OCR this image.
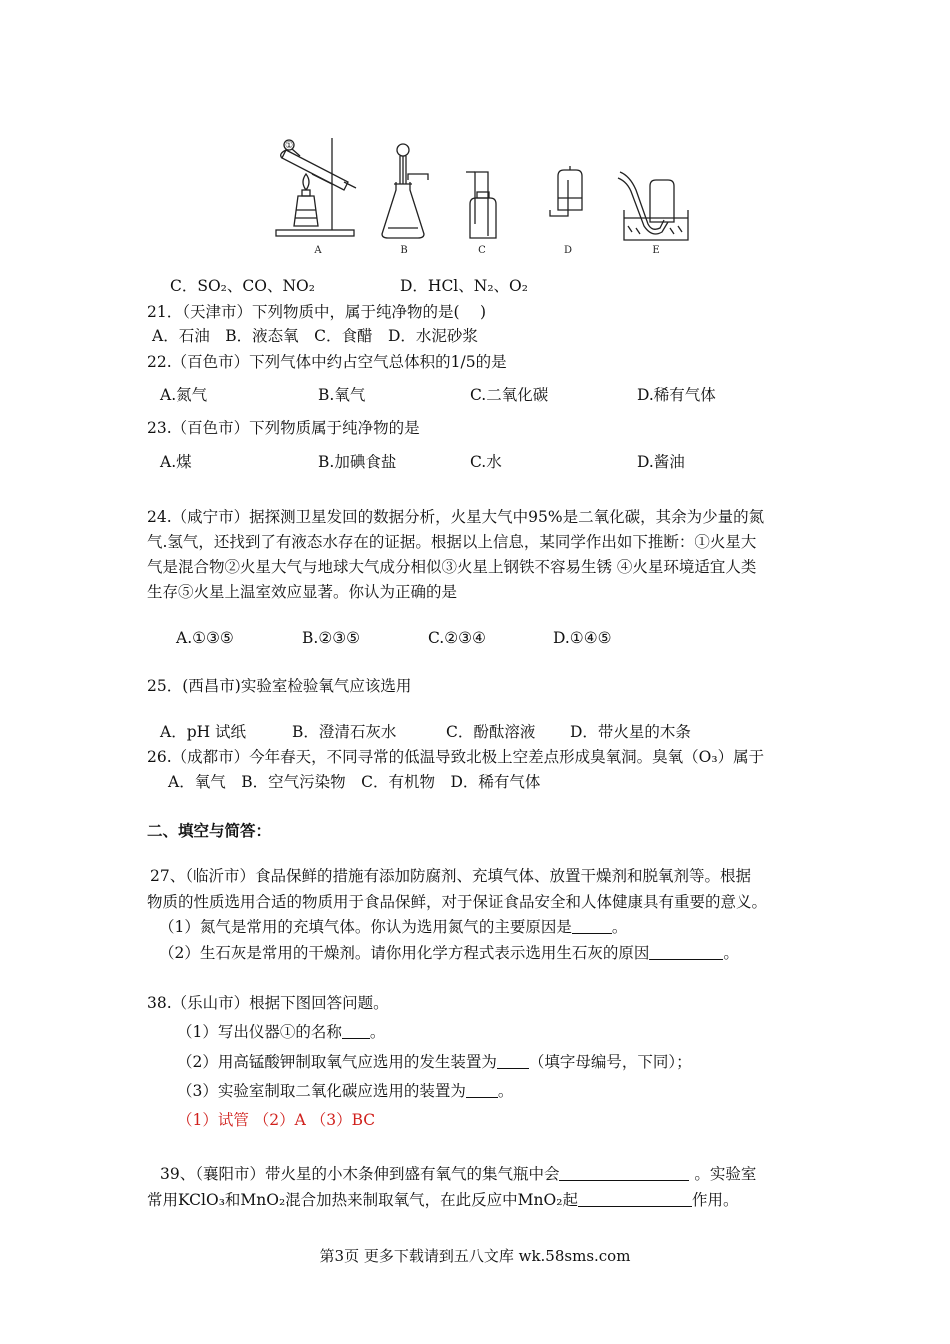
①
A	B	C	D	E
C．SO₂、CO、NO₂	D．HCl、N₂、O₂
21．（天津市）下列物质中，属于纯净物的是(　 )
A．石油　B．液态氧　C．食醋　D．水泥砂浆
22.（百色市）下列气体中约占空气总体积的1/5的是
A.氮气	B.氧气	C.二氧化碳	D.稀有气体
23.（百色市）下列物质属于纯净物的是
A.煤	B.加碘食盐	C.水	D.酱油
24.（咸宁市）据探测卫星发回的数据分析，火星大气中95%是二氧化碳，其余为少量的氮
气.氢气，还找到了有液态水存在的证据。根据以上信息，某同学作出如下推断：①火星大
气是混合物②火星大气与地球大气成分相似③火星上钢铁不容易生锈 ④火星环境适宜人类
生存⑤火星上温室效应显著。你认为正确的是
A.①③⑤	B.②③⑤	C.②③④	D.①④⑤
25．(西昌市)实验室检验氧气应该选用
A．pH 试纸	B．澄清石灰水	C．酚酞溶液 D．带火星的木条
26.（成都市）今年春天，不同寻常的低温导致北极上空差点形成臭氧洞。臭氧（O₃）属于
A．氧气　B．空气污染物　C．有机物　D．稀有气体
二、填空与简答：
27、（临沂市）食品保鲜的措施有添加防腐剂、充填气体、放置干燥剂和脱氧剂等。根据
物质的性质选用合适的物质用于食品保鲜，对于保证食品安全和人体健康具有重要的意义。
（1）氮气是常用的充填气体。你认为选用氮气的主要原因是	。
（2）生石灰是常用的干燥剂。请你用化学方程式表示选用生石灰的原因	。
38.（乐山市）根据下图回答问题。
（1）写出仪器①的名称 。
（2）用高锰酸钾制取氧气应选用的发生装置为 （填字母编号，下同）；
（3）实验室制取二氧化碳应选用的装置为 。
（1）试管 （2）A （3）BC
39、（襄阳市）带火星的小木条伸到盛有氧气的集气瓶中会	。实验室
常用KClO₃和MnO₂混合加热来制取氧气，在此反应中MnO₂起	作用。
第3页 更多下载请到五八文库 wk.58sms.com
